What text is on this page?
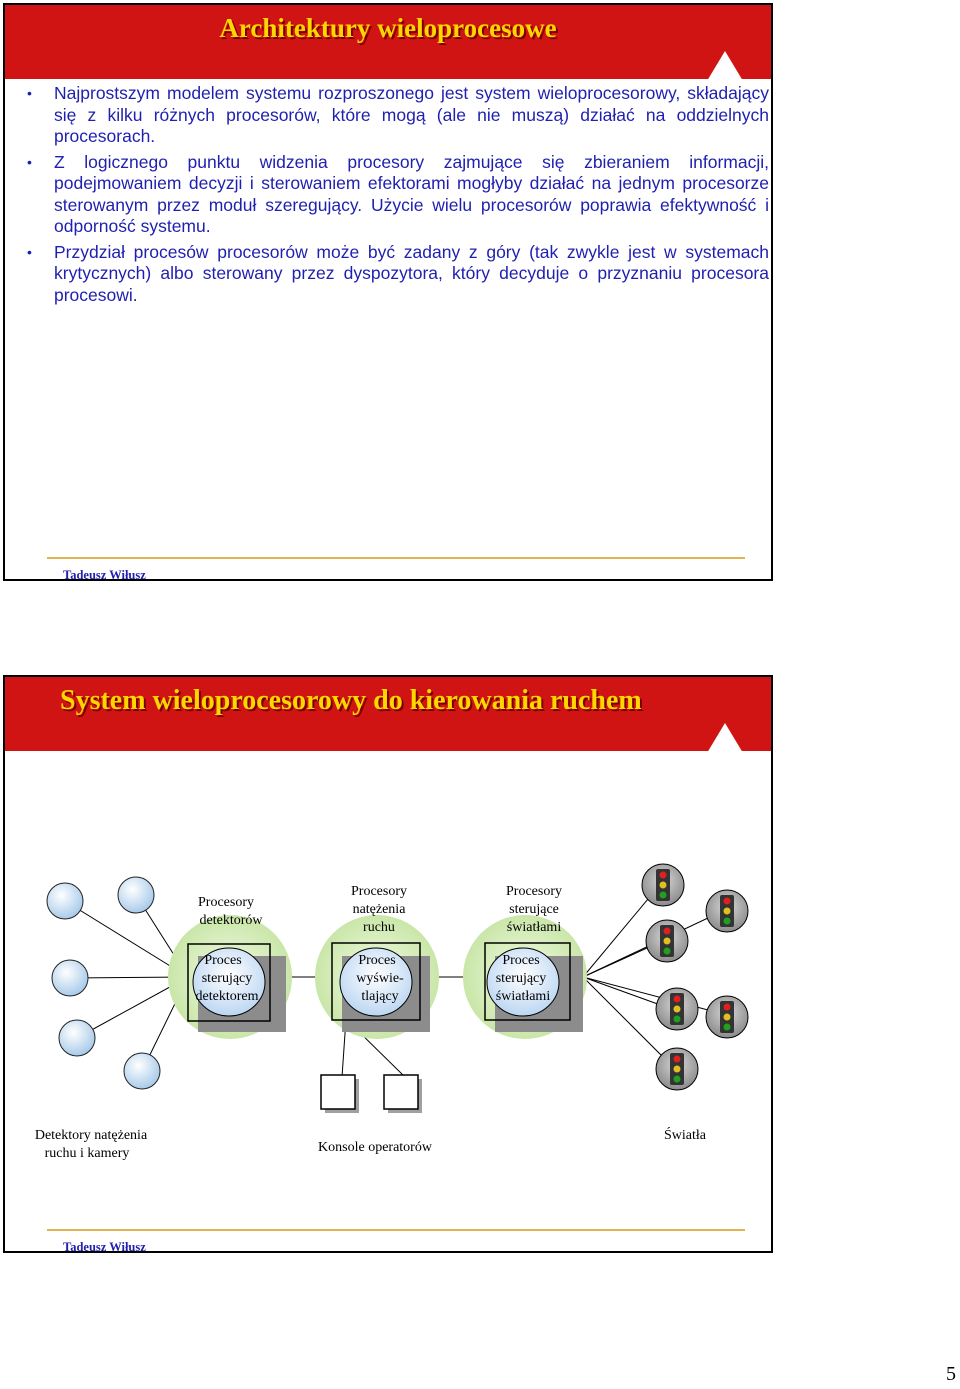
Architektury wieloprocesowe
• Najprostszym modelem systemu rozproszonego jest system wieloprocesorowy, składający się z kilku różnych procesorów, które mogą (ale nie muszą) działać na oddzielnych procesorach.
• Z logicznego punktu widzenia procesory zajmujące się zbieraniem informacji, podejmowaniem decyzji i sterowaniem efektorami mogłyby działać na jednym procesorze sterowanym przez moduł szeregujący. Użycie wielu procesorów poprawia efektywność i odporność systemu.
• Przydział procesów procesorów może być zadany z góry (tak zwykle jest w systemach krytycznych) albo sterowany przez dyspozytora, który decyduje o przyznaniu procesora procesowi.
Tadeusz Wiłusz
System wieloprocesorowy do kierowania ruchem
Procesory
detektorów
Proces
sterujący
detektorem
Procesory
natężenia
ruchu
Proces
wyświe-
tlający
Procesory
sterujące
światłami
Proces
sterujący
światłami
Detektory natężenia
ruchu i kamery	Konsole operatorów
Światła
Tadeusz Wiłusz
5
